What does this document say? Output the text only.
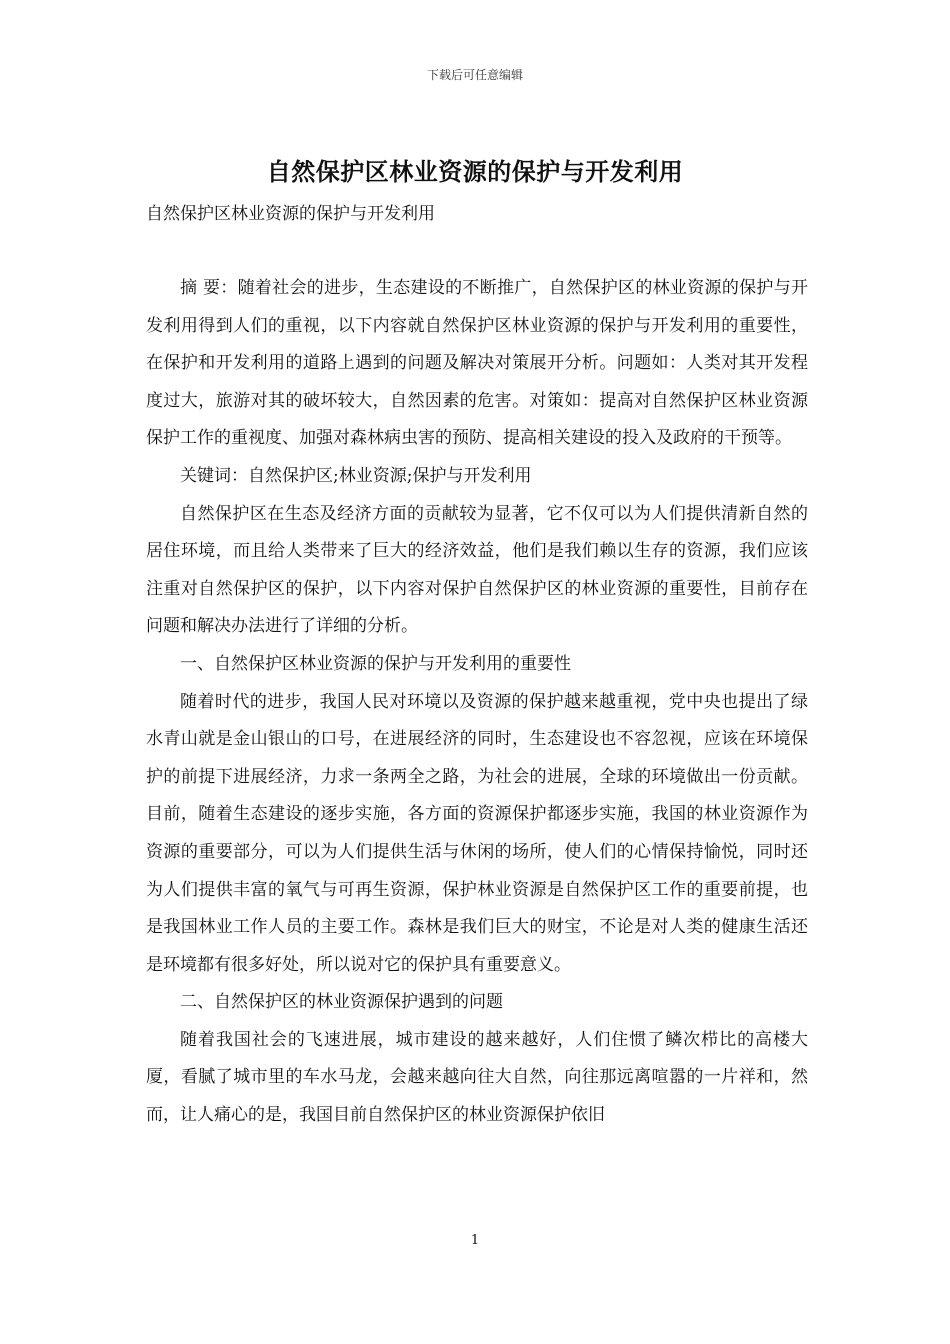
下载后可任意编辑
自然保护区林业资源的保护与开发利用
自然保护区林业资源的保护与开发利用

摘 要：随着社会的进步，生态建设的不断推广，自然保护区的林业资源的保护与开发利用得到人们的重视，以下内容就自然保护区林业资源的保护与开发利用的重要性，在保护和开发利用的道路上遇到的问题及解决对策展开分析。问题如：人类对其开发程度过大，旅游对其的破坏较大，自然因素的危害。对策如：提高对自然保护区林业资源保护工作的重视度、加强对森林病虫害的预防、提高相关建设的投入及政府的干预等。

关键词：自然保护区;林业资源;保护与开发利用

自然保护区在生态及经济方面的贡献较为显著，它不仅可以为人们提供清新自然的居住环境，而且给人类带来了巨大的经济效益，他们是我们赖以生存的资源，我们应该注重对自然保护区的保护，以下内容对保护自然保护区的林业资源的重要性，目前存在问题和解决办法进行了详细的分析。

一、自然保护区林业资源的保护与开发利用的重要性

随着时代的进步，我国人民对环境以及资源的保护越来越重视，党中央也提出了绿水青山就是金山银山的口号，在进展经济的同时，生态建设也不容忽视，应该在环境保护的前提下进展经济，力求一条两全之路，为社会的进展，全球的环境做出一份贡献。目前，随着生态建设的逐步实施，各方面的资源保护都逐步实施，我国的林业资源作为资源的重要部分，可以为人们提供生活与休闲的场所，使人们的心情保持愉悦，同时还为人们提供丰富的氧气与可再生资源，保护林业资源是自然保护区工作的重要前提，也是我国林业工作人员的主要工作。森林是我们巨大的财宝，不论是对人类的健康生活还是环境都有很多好处，所以说对它的保护具有重要意义。

二、自然保护区的林业资源保护遇到的问题

随着我国社会的飞速进展，城市建设的越来越好，人们住惯了鳞次栉比的高楼大厦，看腻了城市里的车水马龙，会越来越向往大自然，向往那远离喧嚣的一片祥和，然而，让人痛心的是，我国目前自然保护区的林业资源保护依旧

1
